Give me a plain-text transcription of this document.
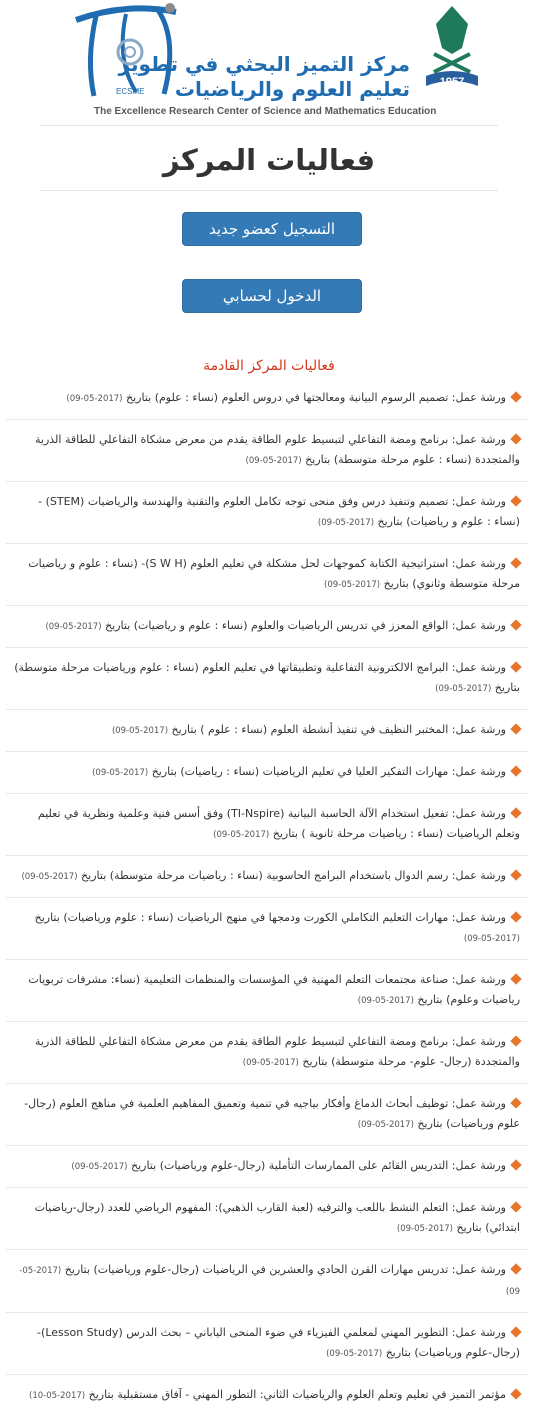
ECSME
مركز التميز البحثي في تطوير
تعليم العلوم والرياضيات
The Excellence Research Center of Science and Mathematics Education
1957
فعاليات المركز
التسجيل كعضو جديد
الدخول لحسابي
فعاليات المركز القادمة
ورشة عمل: تصميم الرسوم البيانية ومعالجتها في دروس العلوم (نساء : علوم) بتاريخ (2017-05-09)
ورشة عمل: برنامج ومضة التفاعلي لتبسيط علوم الطاقة يقدم من معرض مشكاة التفاعلي للطاقة الذرية والمتجددة (نساء : علوم مرحلة متوسطة) بتاريخ (2017-05-09)
ورشة عمل: تصميم وتنفيذ درس وفق منحى توجه تكامل العلوم والتقنية والهندسة والرياضيات (STEM) - (نساء : علوم و رياضيات) بتاريخ (2017-05-09)
ورشة عمل: استراتيجية الكتابة كموجهات لحل مشكلة في تعليم العلوم (S W H)- (نساء : علوم و رياضيات مرحلة متوسطة وثانوي) بتاريخ (2017-05-09)
ورشة عمل: الواقع المعزز في تدريس الرياضيات والعلوم (نساء : علوم و رياضيات) بتاريخ (2017-05-09)
ورشة عمل: البرامج الالكترونية التفاعلية وتطبيقاتها في تعليم العلوم (نساء : علوم ورياضيات مرحلة متوسطة) بتاريخ (2017-05-09)
ورشة عمل: المختبر النظيف في تنفيذ أنشطة العلوم (نساء : علوم ) بتاريخ (2017-05-09)
ورشة عمل: مهارات التفكير العليا في تعليم الرياضيات (نساء : رياضيات) بتاريخ (2017-05-09)
ورشة عمل: تفعيل استخدام الآلة الحاسبة البيانية (TI-Nspire) وفق أسس فنية وعلمية ونظرية في تعليم وتعلم الرياضيات (نساء : رياضيات مرحلة ثانوية ) بتاريخ (2017-05-09)
ورشة عمل: رسم الدوال باستخدام البرامج الحاسوبية (نساء : رياضيات مرحلة متوسطة) بتاريخ (2017-05-09)
ورشة عمل: مهارات التعليم التكاملي الكورت ودمجها في منهج الرياضيات (نساء : علوم ورياضيات) بتاريخ (2017-05-09)
ورشة عمل: صناعة مجتمعات التعلم المهنية في المؤسسات والمنظمات التعليمية (نساء: مشرفات تربويات رياضيات وعلوم) بتاريخ (2017-05-09)
ورشة عمل: برنامج ومضة التفاعلي لتبسيط علوم الطاقة يقدم من معرض مشكاة التفاعلي للطاقة الذرية والمتجددة (رجال- علوم- مرحلة متوسطة) بتاريخ (2017-05-09)
ورشة عمل: توظيف أبحاث الدماغ وأفكار بياجيه في تنمية وتعميق المفاهيم العلمية في مناهج العلوم (رجال-علوم ورياضيات) بتاريخ (2017-05-09)
ورشة عمل: التدريس القائم على الممارسات التأملية (رجال-علوم ورياضيات) بتاريخ (2017-05-09)
ورشة عمل: التعلم النشط باللعب والترفيه (لعبة القارب الذهبي): المفهوم الرياضي للعدد (رجال-رياضيات ابتدائي) بتاريخ (2017-05-09)
ورشة عمل: تدريس مهارات القرن الحادي والعشرين في الرياضيات (رجال-علوم ورياضيات) بتاريخ (2017-05-09)
ورشة عمل: التطوير المهني لمعلمي الفيزياء في ضوء المنحى الياباني – بحث الدرس (Lesson Study)-(رجال-علوم ورياضيات) بتاريخ (2017-05-09)
مؤتمر التميز في تعليم وتعلم العلوم والرياضيات الثاني: التطور المهني - آفاق مستقبلية بتاريخ (2017-05-10)
